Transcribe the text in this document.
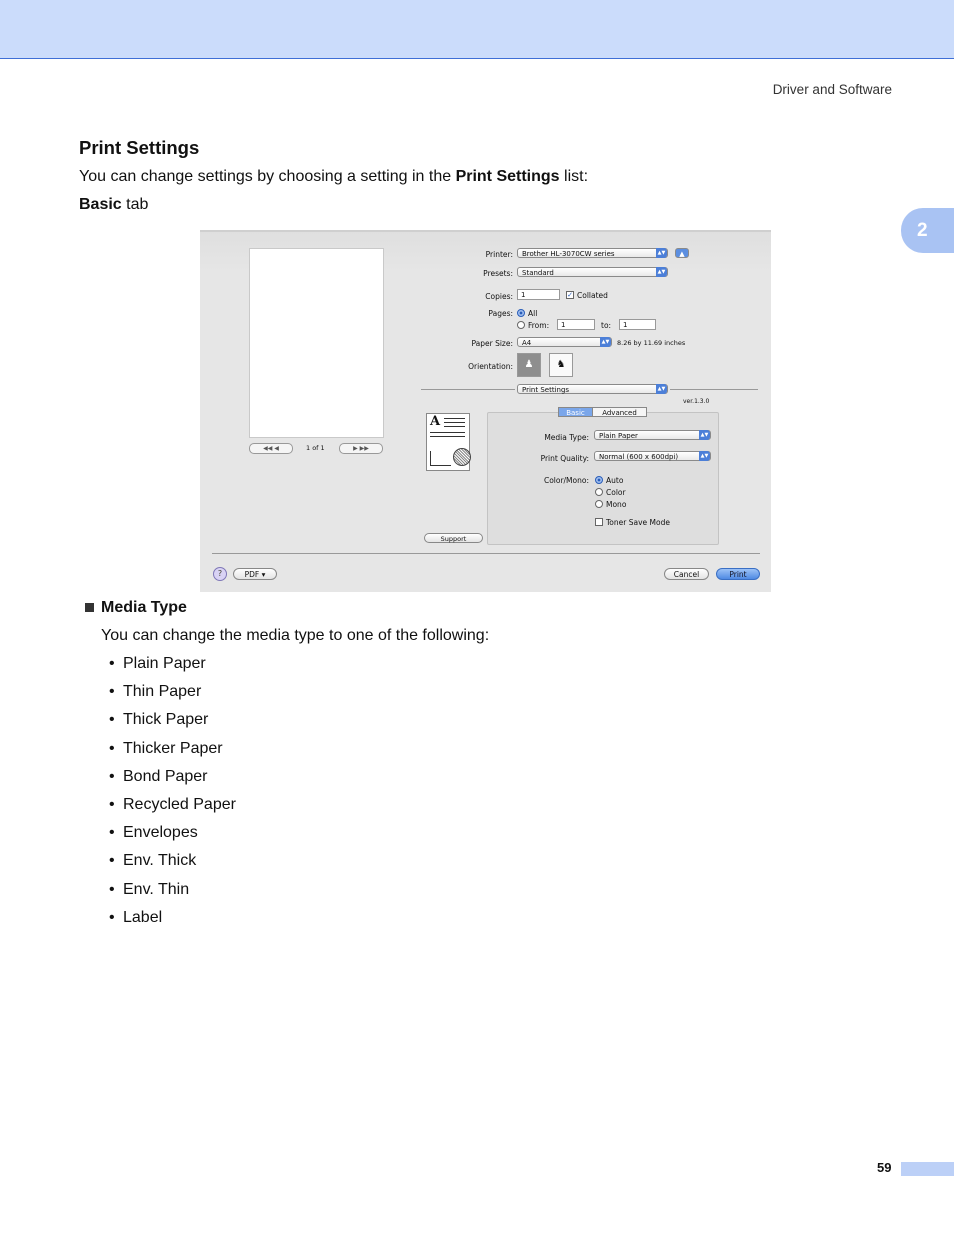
Driver and Software
2
Print Settings

You can change settings by choosing a setting in the Print Settings list:

Basic tab

◀◀ ◀	1 of 1	▶ ▶▶
Printer:	Brother HL-3070CW series	▲▼	▲
Presets:	Standard	▲▼
Copies:	1	✓ Collated
Pages: All
From:	1	to:	1
Paper Size:	A4	▲▼ 8.26 by 11.69 inches
Orientation:	♟	♞
Print Settings	▲▼
ver.1.3.0
A
Basic	Advanced
Media Type:	Plain Paper	▲▼
Print Quality:	Normal (600 x 600dpi)	▲▼
Color/Mono: Auto
Color
Mono
Toner Save Mode
Support
?	PDF ▾	Cancel	Print
Media Type

You can change the media type to one of the following:

• Plain Paper
• Thin Paper
• Thick Paper
• Thicker Paper
• Bond Paper
• Recycled Paper
• Envelopes
• Env. Thick
• Env. Thin
• Label
59
